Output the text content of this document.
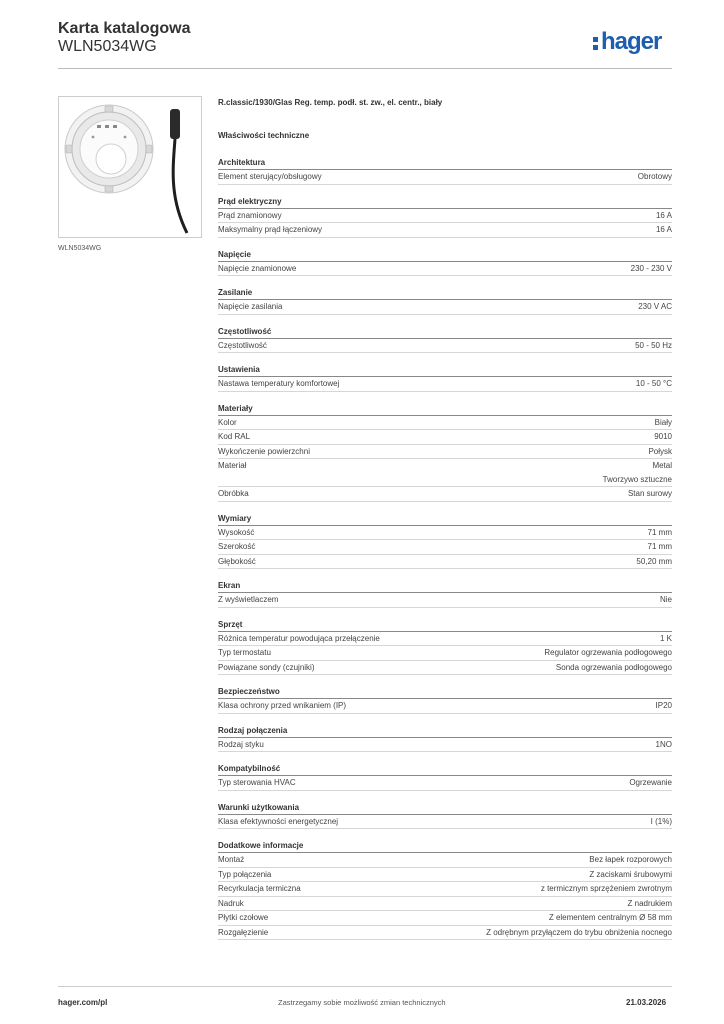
Karta katalogowa
WLN5034WG	hager
WLN5034WG
R.classic/1930/Glas Reg. temp. podł. st. zw., el. centr., biały
Właściwości techniczne
Architektura
Element sterujący/obsługowy	Obrotowy
Prąd elektryczny
Prąd znamionowy	16 A
Maksymalny prąd łączeniowy	16 A
Napięcie
Napięcie znamionowe	230 - 230 V
Zasilanie
Napięcie zasilania	230 V AC
Częstotliwość
Częstotliwość	50 - 50 Hz
Ustawienia
Nastawa temperatury komfortowej	10 - 50 °C
Materiały
Kolor	Biały
Kod RAL	9010
Wykończenie powierzchni	Połysk
Materiał	Metal
Tworzywo sztuczne
Obróbka	Stan surowy
Wymiary
Wysokość	71 mm
Szerokość	71 mm
Głębokość	50,20 mm
Ekran
Z wyświetlaczem	Nie
Sprzęt
Różnica temperatur powodująca przełączenie	1 K
Typ termostatu	Regulator ogrzewania podłogowego
Powiązane sondy (czujniki)	Sonda ogrzewania podłogowego
Bezpieczeństwo
Klasa ochrony przed wnikaniem (IP)	IP20
Rodzaj połączenia
Rodzaj styku	1NO
Kompatybilność
Typ sterowania HVAC	Ogrzewanie
Warunki użytkowania
Klasa efektywności energetycznej	I (1%)
Dodatkowe informacje
Montaż	Bez łapek rozporowych
Typ połączenia	Z zaciskami śrubowymi
Recyrkulacja termiczna	z termicznym sprzężeniem zwrotnym
Nadruk	Z nadrukiem
Płytki czołowe	Z elementem centralnym Ø 58 mm
Rozgałęzienie	Z odrębnym przyłączem do trybu obniżenia nocnego
hager.com/pl	Zastrzegamy sobie możliwość zmian technicznych	21.03.2026
